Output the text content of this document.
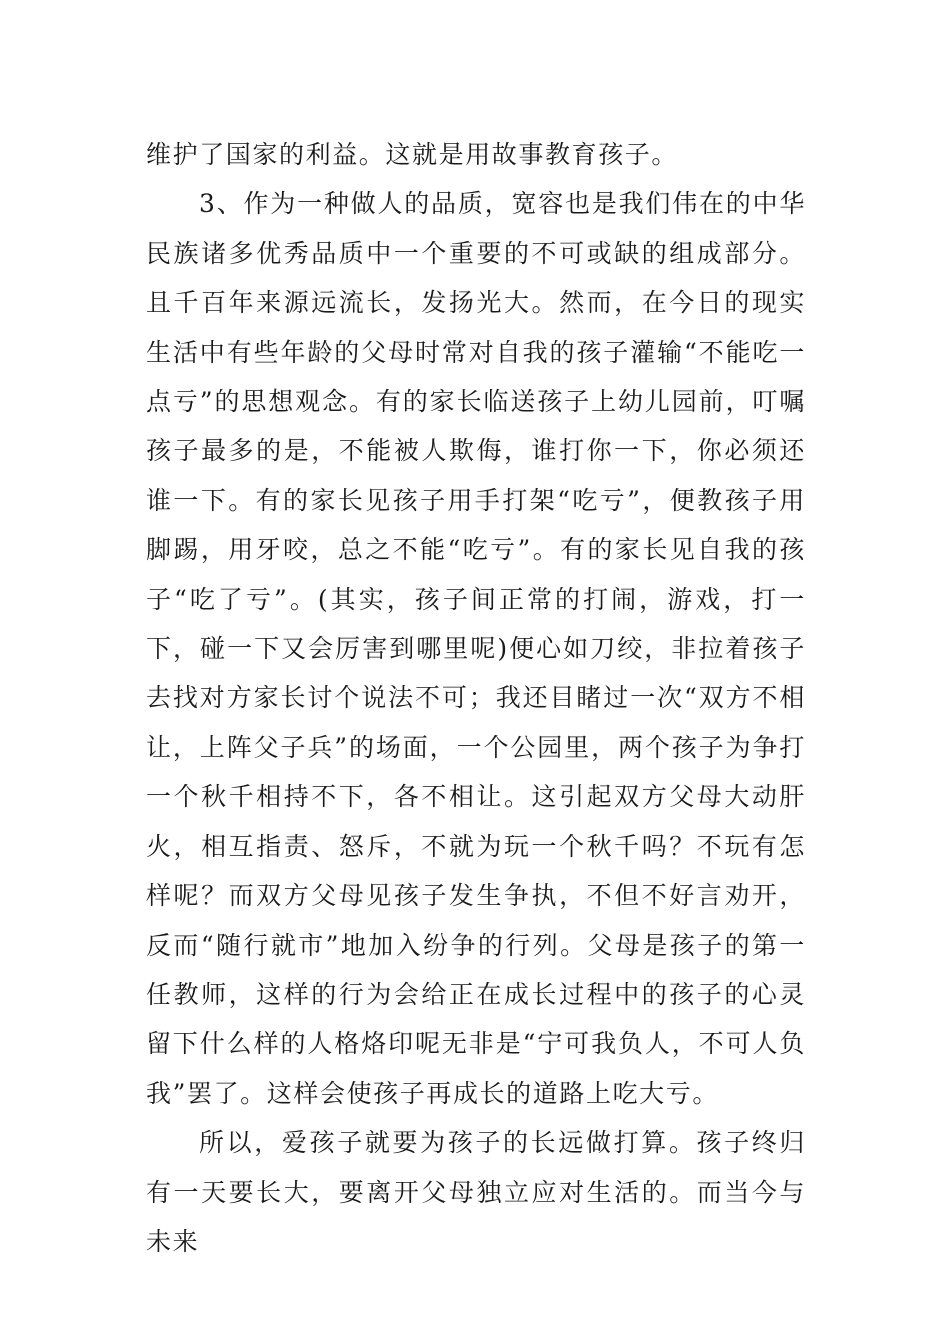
维护了国家的利益。这就是用故事教育孩子。

3、作为一种做人的品质，宽容也是我们伟在的中华民族诸多优秀品质中一个重要的不可或缺的组成部分。且千百年来源远流长，发扬光大。然而，在今日的现实生活中有些年龄的父母时常对自我的孩子灌输“不能吃一点亏”的思想观念。有的家长临送孩子上幼儿园前，叮嘱孩子最多的是，不能被人欺侮，谁打你一下，你必须还谁一下。有的家长见孩子用手打架“吃亏”，便教孩子用脚踢，用牙咬，总之不能“吃亏”。有的家长见自我的孩子“吃了亏”。(其实，孩子间正常的打闹，游戏，打一下，碰一下又会厉害到哪里呢)便心如刀绞，非拉着孩子去找对方家长讨个说法不可；我还目睹过一次“双方不相让，上阵父子兵”的场面，一个公园里，两个孩子为争打一个秋千相持不下，各不相让。这引起双方父母大动肝火，相互指责、怒斥，不就为玩一个秋千吗？不玩有怎样呢？而双方父母见孩子发生争执，不但不好言劝开，反而“随行就市”地加入纷争的行列。父母是孩子的第一任教师，这样的行为会给正在成长过程中的孩子的心灵留下什么样的人格烙印呢无非是“宁可我负人，不可人负我”罢了。这样会使孩子再成长的道路上吃大亏。

所以，爱孩子就要为孩子的长远做打算。孩子终归有一天要长大，要离开父母独立应对生活的。而当今与未来
